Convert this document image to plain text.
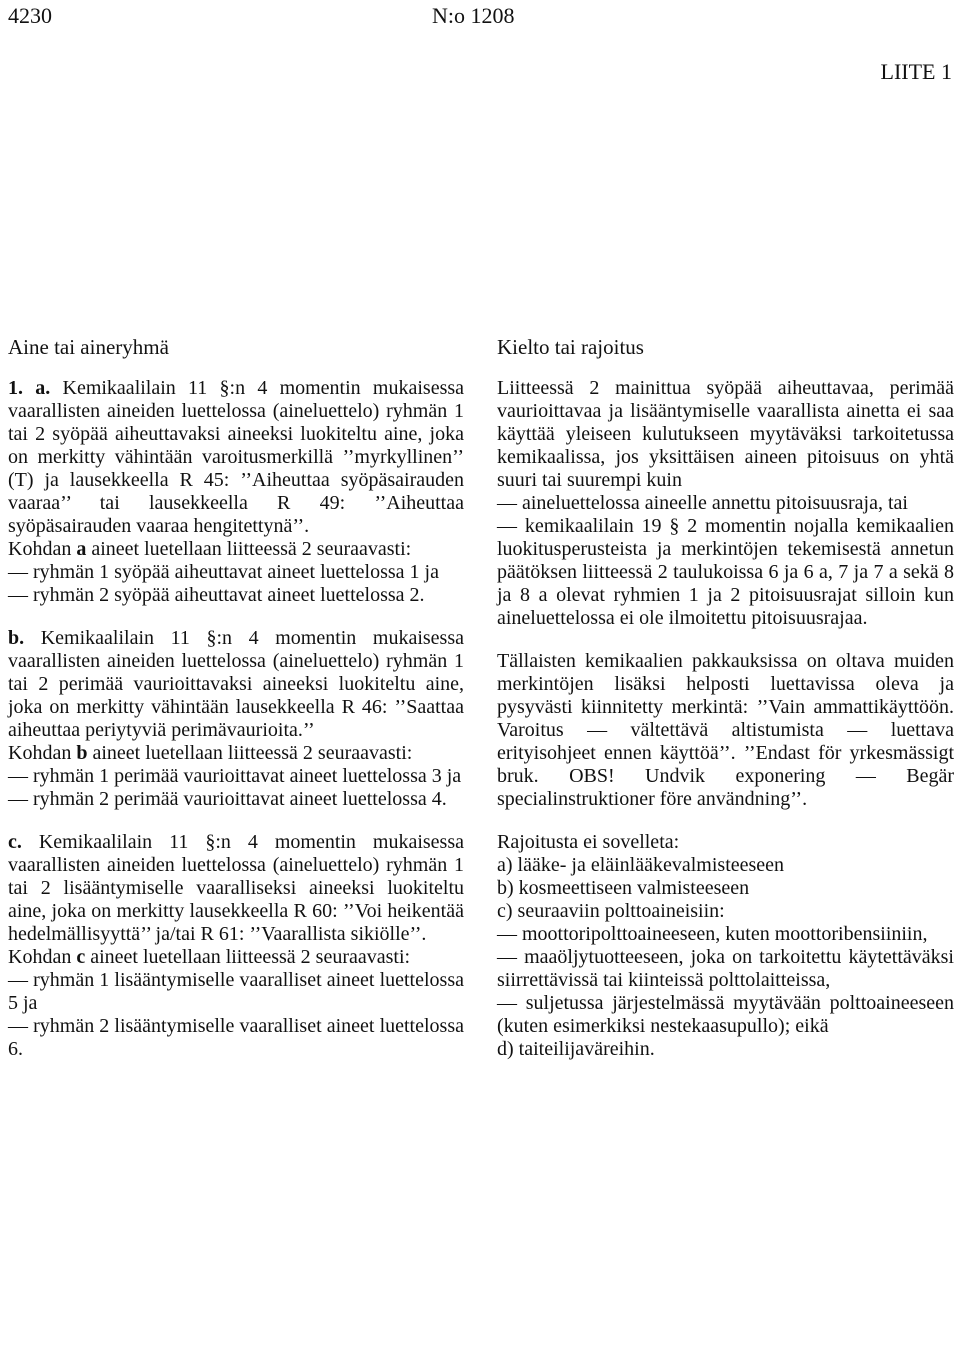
4230	N:o 1208
LIITE 1
Aine tai aineryhmä

1. a. Kemikaalilain 11 §:n 4 momentin mukaisessa vaarallisten aineiden luettelossa (aineluettelo) ryhmän 1 tai 2 syöpää aiheuttavaksi aineeksi luokiteltu aine, joka on merkitty vähintään varoitusmerkillä ’’myrkyllinen’’ (T) ja lausekkeella R 45: ’’Aiheuttaa syöpäsairauden vaaraa’’ tai lausekkeella R 49: ’’Aiheuttaa syöpäsairauden vaaraa hengitettynä’’.

Kohdan a aineet luetellaan liitteessä 2 seuraavasti:

— ryhmän 1 syöpää aiheuttavat aineet luettelossa 1 ja

— ryhmän 2 syöpää aiheuttavat aineet luettelossa 2.

b. Kemikaalilain 11 §:n 4 momentin mukaisessa vaarallisten aineiden luettelossa (aineluettelo) ryhmän 1 tai 2 perimää vaurioittavaksi aineeksi luokiteltu aine, joka on merkitty vähintään lausekkeella R 46: ’’Saattaa aiheuttaa periytyviä perimävaurioita.’’

Kohdan b aineet luetellaan liitteessä 2 seuraavasti:

— ryhmän 1 perimää vaurioittavat aineet luettelossa 3 ja

— ryhmän 2 perimää vaurioittavat aineet luettelossa 4.

c. Kemikaalilain 11 §:n 4 momentin mukaisessa vaarallisten aineiden luettelossa (aineluettelo) ryhmän 1 tai 2 lisääntymiselle vaaralliseksi aineeksi luokiteltu aine, joka on merkitty lausekkeella R 60: ’’Voi heikentää hedelmällisyyttä’’ ja/tai R 61: ’’Vaarallista sikiölle’’.

Kohdan c aineet luetellaan liitteessä 2 seuraavasti:

— ryhmän 1 lisääntymiselle vaaralliset aineet luettelossa 5 ja

— ryhmän 2 lisääntymiselle vaaralliset aineet luettelossa 6.

Kielto tai rajoitus

Liitteessä 2 mainittua syöpää aiheuttavaa, perimää vaurioittavaa ja lisääntymiselle vaarallista ainetta ei saa käyttää yleiseen kulutukseen myytäväksi tarkoitetussa kemikaalissa, jos yksittäisen aineen pitoisuus on yhtä suuri tai suurempi kuin

— aineluettelossa aineelle annettu pitoisuusraja, tai

— kemikaalilain 19 § 2 momentin nojalla kemikaalien luokitusperusteista ja merkintöjen tekemisestä annetun päätöksen liitteessä 2 taulukoissa 6 ja 6 a, 7 ja 7 a sekä 8 ja 8 a olevat ryhmien 1 ja 2 pitoisuusrajat silloin kun aineluettelossa ei ole ilmoitettu pitoisuusrajaa.

Tällaisten kemikaalien pakkauksissa on oltava muiden merkintöjen lisäksi helposti luettavissa oleva ja pysyvästi kiinnitetty merkintä: ’’Vain ammattikäyttöön. Varoitus — vältettävä altistumista — luettava erityisohjeet ennen käyttöä’’. ’’Endast för yrkesmässigt bruk. OBS! Undvik exponering — Begär specialinstruktioner före användning’’.

Rajoitusta ei sovelleta:

a) lääke- ja eläinlääkevalmisteeseen

b) kosmeettiseen valmisteeseen

c) seuraaviin polttoaineisiin:

— moottoripolttoaineeseen, kuten moottoribensiiniin,

— maaöljytuotteeseen, joka on tarkoitettu käytettäväksi siirrettävissä tai kiinteissä polttolaitteissa,

— suljetussa järjestelmässä myytävään polttoaineeseen (kuten esimerkiksi nestekaasupullo); eikä

d) taiteilijaväreihin.
